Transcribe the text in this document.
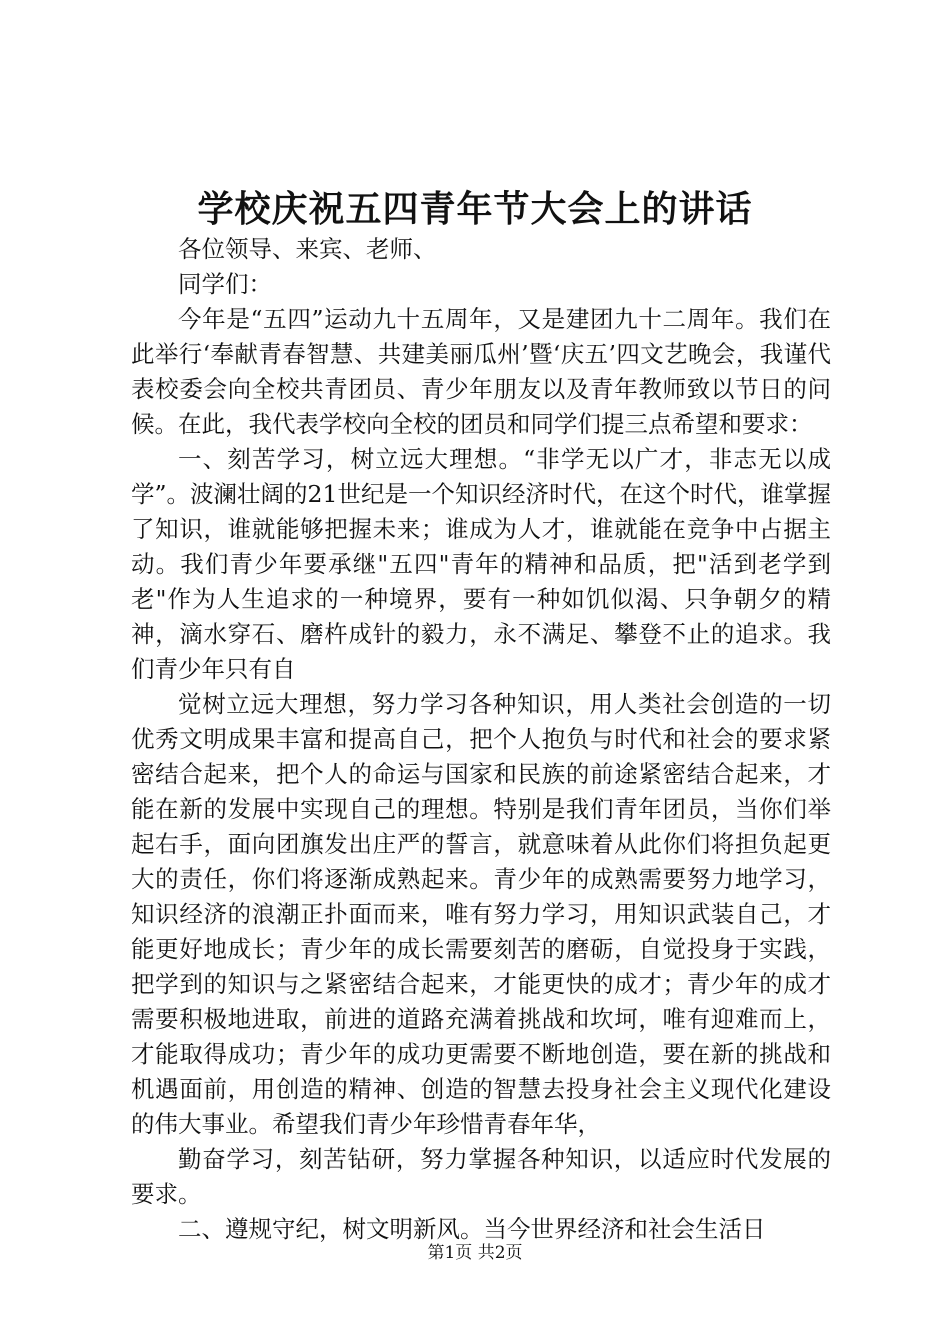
学校庆祝五四青年节大会上的讲话

各位领导、来宾、老师、

同学们：

今年是“五四”运动九十五周年，又是建团九十二周年。我们在此举行‘奉献青春智慧、共建美丽瓜州’暨‘庆五’四文艺晚会，我谨代表校委会向全校共青团员、青少年朋友以及青年教师致以节日的问候。在此，我代表学校向全校的团员和同学们提三点希望和要求：

一、刻苦学习，树立远大理想。“非学无以广才，非志无以成学”。波澜壮阔的21世纪是一个知识经济时代，在这个时代，谁掌握了知识，谁就能够把握未来；谁成为人才，谁就能在竞争中占据主动。我们青少年要承继"五四"青年的精神和品质，把"活到老学到老"作为人生追求的一种境界，要有一种如饥似渴、只争朝夕的精神，滴水穿石、磨杵成针的毅力，永不满足、攀登不止的追求。我们青少年只有自

觉树立远大理想，努力学习各种知识，用人类社会创造的一切优秀文明成果丰富和提高自己，把个人抱负与时代和社会的要求紧密结合起来，把个人的命运与国家和民族的前途紧密结合起来，才能在新的发展中实现自己的理想。特别是我们青年团员，当你们举起右手，面向团旗发出庄严的誓言，就意味着从此你们将担负起更大的责任，你们将逐渐成熟起来。青少年的成熟需要努力地学习，知识经济的浪潮正扑面而来，唯有努力学习，用知识武装自己，才能更好地成长；青少年的成长需要刻苦的磨砺，自觉投身于实践，把学到的知识与之紧密结合起来，才能更快的成才；青少年的成才需要积极地进取，前进的道路充满着挑战和坎坷，唯有迎难而上，才能取得成功；青少年的成功更需要不断地创造，要在新的挑战和机遇面前，用创造的精神、创造的智慧去投身社会主义现代化建设的伟大事业。希望我们青少年珍惜青春年华，

勤奋学习，刻苦钻研，努力掌握各种知识，以适应时代发展的要求。

二、遵规守纪，树文明新风。当今世界经济和社会生活日

第1页 共2页
